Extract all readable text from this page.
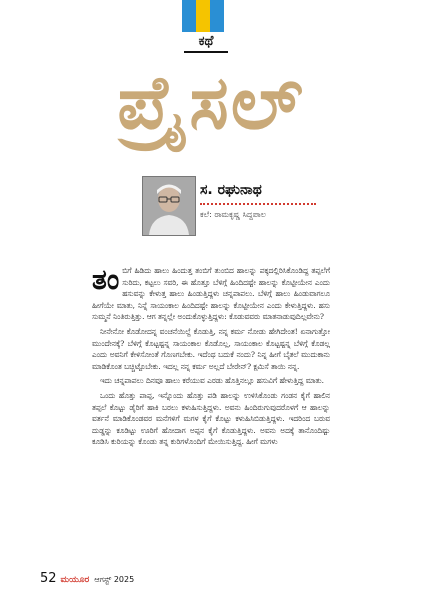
ಕಥೆ
ಪ್ರೈಸಲ್
ಸ. ರಘುನಾಥ
ಕಲೆ: ರಾಮಕೃಷ್ಣ ಸಿದ್ದಪಾಲ

ತಂಬಿಗೆ ಹಿಡಿದು ಹಾಲು ಹಿಂದುತ್ತ ತಂಬಿಗೆ ತುಂಬಿದ ಹಾಲನ್ನು ಪಕ್ಕದಲ್ಲಿರಿಸಿಕೊಂಡಿದ್ದ ತಪ್ಪಲೆಗೆ ಸುರಿದು, ಕಟ್ಟಲು ಸವರಿ, ಈ ಹೊತ್ತೂ ಬೆಳಿಗ್ಗೆ ಹಿಂದಿದಷ್ಟೇ ಹಾಲನ್ನು ಕೊಟ್ಟೀಯೇನ ಎಂದು ಹಸುವನ್ನು ಕೇಳುತ್ತ ಹಾಲು ಹಿಂಡುತ್ತಿದ್ದಳು ಚನ್ನಪಾಪಲು. ಬೆಳಿಗ್ಗೆ ಹಾಲು ಹಿಂಡುವಾಗಲೂ ಹೀಗೆಯೇ ಮಾತು, ನಿನ್ನೆ ಸಾಯಂಕಾಲ ಹಿಂದಿದಷ್ಟೇ ಹಾಲನ್ನು ಕೊಟ್ಟೀಯೇನ ಎಂದು ಕೇಳುತ್ತಿದ್ದಳು. ಹಸು ಸುಮ್ಮನೆ ನಿಂತಿರುತ್ತಿತ್ತು. ಆಗ ತನ್ನಲ್ಲೇ ಅಂದುಕೊಳ್ಳುತ್ತಿದ್ದಳು: ಕೊಡುವವರು ಮಾತನಾಡುವುದಿಲ್ಲವೇನು?

ನೀನೇನೋ ಕೊಡೋದನ್ನ ವಂಚನೆಯಿಲ್ದೆ ಕೊಡುತ್ತಿ, ನನ್ನ ಕರ್ಮ ನೋಡು ಹೇಗಿದೇಂತ! ಏನಾಗುತ್ತೋ ಮುಂದೇನಕ್ಕೆ? ಬೆಳಿಗ್ಗೆ ಕೊಟ್ಟಷ್ಟನ್ನ ಸಾಯಂಕಾಲ ಕೊಡೊಲ್ಲ, ಸಾಯಂಕಾಲ ಕೊಟ್ಟಷ್ಟನ್ನ ಬೆಳಿಗ್ಗೆ ಕೊಡಲ್ಲ ಎಂದು ಅವನಿಗೆ ಕೇಳಿಸೋಂತೆ ಗೊಣಗಬೇಕು. ಇದೆಂಥ ಬದುಕೆ ನಂದು? ನಿನ್ನ ಹೀಗೆ ಬೈತಲೆ ಮುದುಕಾನು ಮಾಡಿಕೊಂತ ಬಚ್ಚಿಟ್ಟೊಬೇಕು. ಇದಲ್ಲ ನನ್ನ ಕರ್ಮ ಅಲ್ಲದೆ ಬೇರೇನ್? ಕ್ಷಮಿಸೆ ತಾಯಿ ನನ್ನ.

ಇದು ಚನ್ನಪಾಪಲು ದಿನವೂ ಹಾಲು ಕರೆಯುವ ಎರಡು ಹೊತ್ತಿನಲ್ಲೂ ಹಸುವಿಗೆ ಹೇಳುತ್ತಿದ್ದ ಮಾತು.

ಒಂದು ಹೊತ್ತು ಪಾಪ್ಪ, ಇನ್ನೊಂದು ಹೊತ್ತು ಪಡಿ ಹಾಲನ್ನು ಉಳಿಸಿಕೊಂಡು ಗಂಡನ ಕೈಗೆ ಹಾಲಿನ ತಪ್ಪಲೆ ಕೊಟ್ಟು ಡೈರಿಗೆ ಹಾಕಿ ಬರಲು ಕಳುಹಿಸುತ್ತಿದ್ದಳು. ಅವನು ಹಿಂದಿರುಗುವುದರೊಳಗೆ ಆ ಹಾಲನ್ನು ವರ್ತನೆ ಮಾಡಿಕೊಂಡವರ ಮನೆಗಳಿಗೆ ಮಗಳ ಕೈಗೆ ಕೊಟ್ಟು ಕಳುಹಿಸಿಬಿಡುತ್ತಿದ್ದಳು. ಇದರಿಂದ ಬರುವ ದುಡ್ಡನ್ನು ಕೂಡಿಟ್ಟು ಊರಿಗೆ ಹೋದಾಗ ಅಪ್ಪನ ಕೈಗೆ ಕೊಡುತ್ತಿದ್ದಳು. ಅವನು ಅದಕ್ಕೆ ತಾನೊಂದಿಷ್ಟು ಕೂಡಿಸಿ ಕುರಿಯನ್ನು ಕೊಂಡು ತನ್ನ ಕುರಿಗಳೊಂದಿಗೆ ಮೇಯಿಸುತ್ತಿದ್ದ. ಹೀಗೆ ಮಗಳು

52 ಮಯೂರ ಆಗಸ್ಟ್ 2025
